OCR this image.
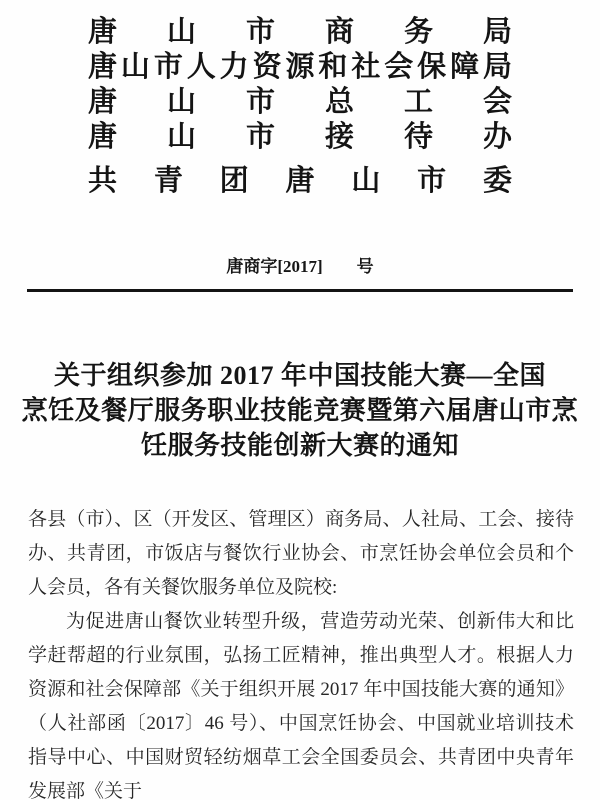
唐山市商务局
唐山市人力资源和社会保障局
唐山市总工会
唐山市接待办
共青团唐山市委
唐商字[2017]　　号
关于组织参加 2017 年中国技能大赛—全国
烹饪及餐厅服务职业技能竞赛暨第六届唐山市烹
饪服务技能创新大赛的通知

各县（市）、区（开发区、管理区）商务局、人社局、工会、接待办、共青团，市饭店与餐饮行业协会、市烹饪协会单位会员和个人会员，各有关餐饮服务单位及院校:

为促进唐山餐饮业转型升级，营造劳动光荣、创新伟大和比学赶帮超的行业氛围，弘扬工匠精神，推出典型人才。根据人力资源和社会保障部《关于组织开展 2017 年中国技能大赛的通知》（人社部函〔2017〕46 号）、中国烹饪协会、中国就业培训技术指导中心、中国财贸轻纺烟草工会全国委员会、共青团中央青年发展部《关于
